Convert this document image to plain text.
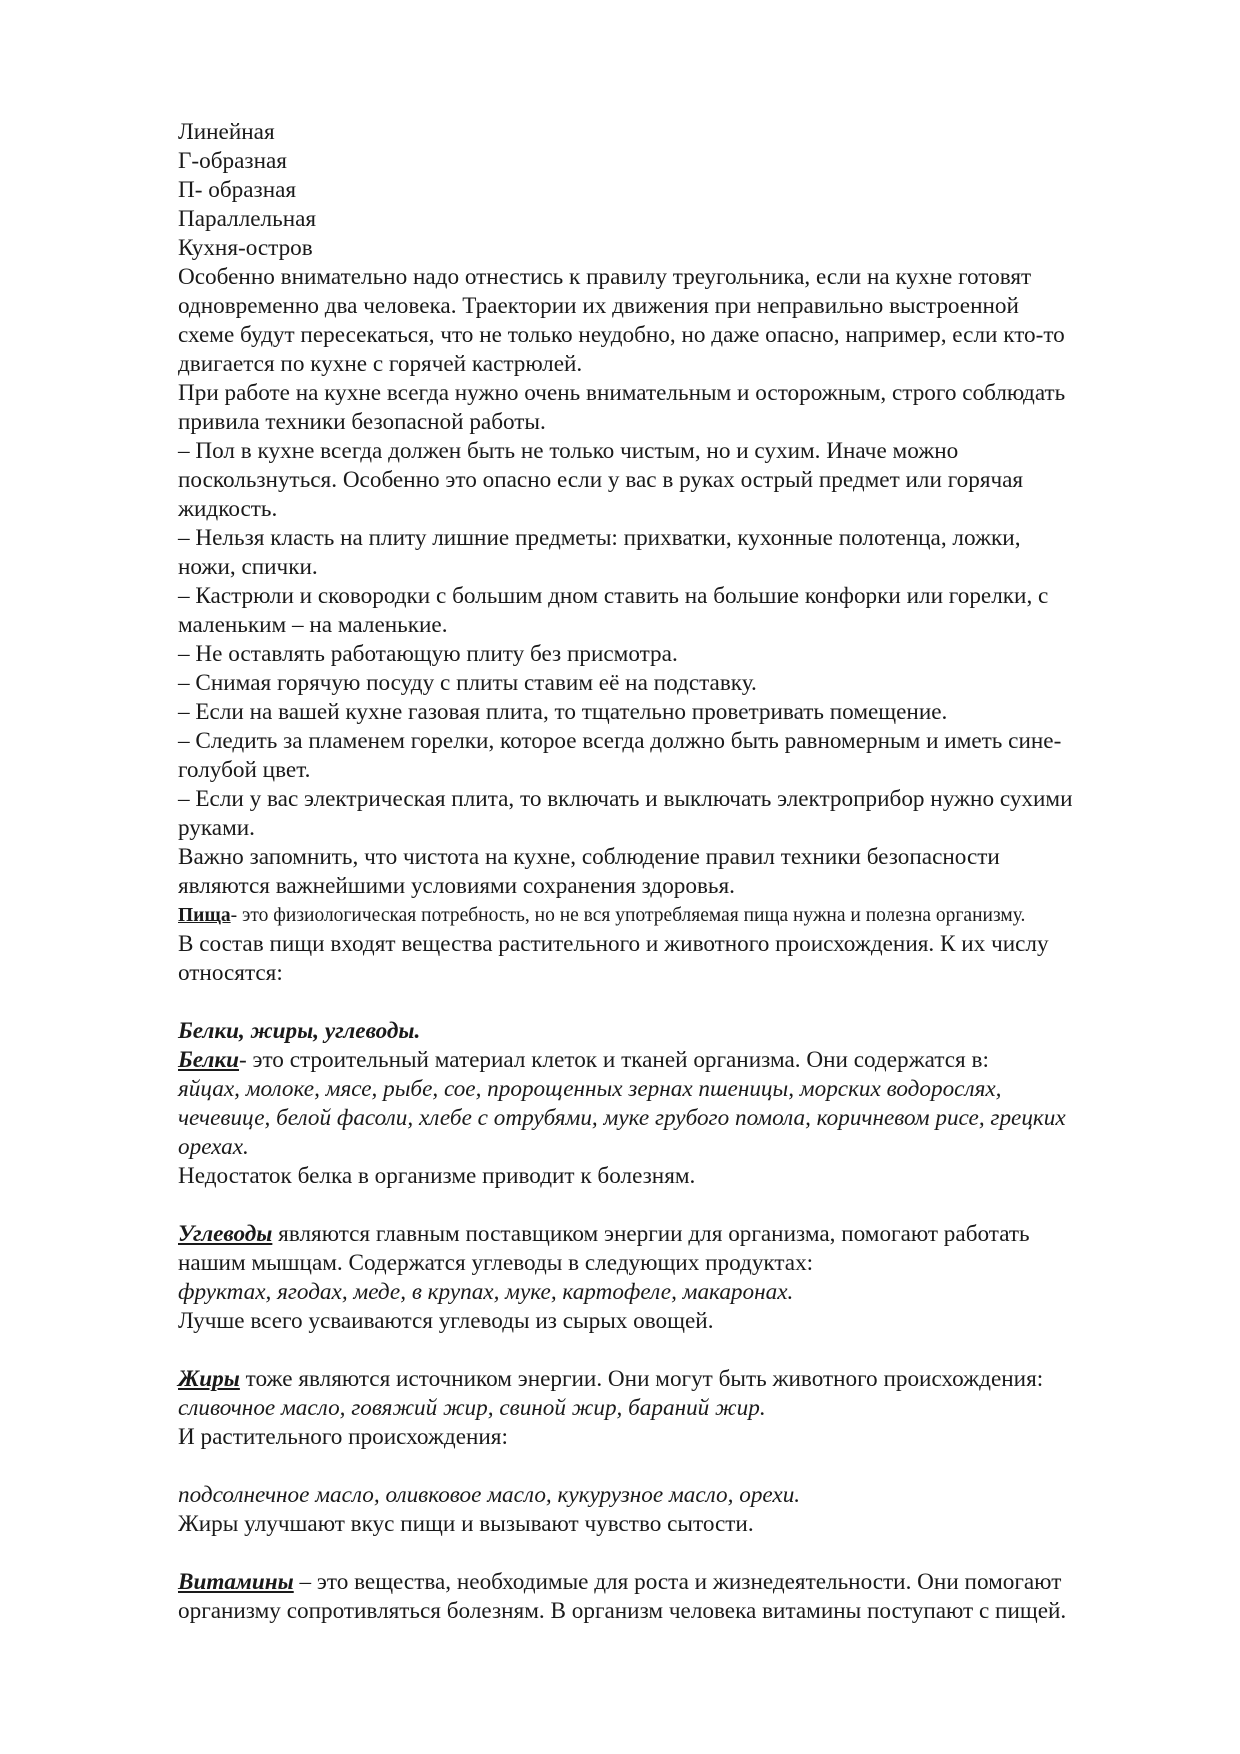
Линейная
Г-образная
П- образная
Параллельная
Кухня-остров
Особенно внимательно надо отнестись к правилу треугольника, если на кухне готовят
одновременно два человека. Траектории их движения при неправильно выстроенной
схеме будут пересекаться, что не только неудобно, но даже опасно, например, если кто-то
двигается по кухне с горячей кастрюлей.
При работе на кухне всегда нужно очень внимательным и осторожным, строго соблюдать
привила техники безопасной работы.
– Пол в кухне всегда должен быть не только чистым, но и сухим. Иначе можно
поскользнуться. Особенно это опасно если у вас в руках острый предмет или горячая
жидкость.
– Нельзя класть на плиту лишние предметы: прихватки, кухонные полотенца, ложки,
ножи, спички.
– Кастрюли и сковородки с большим дном ставить на большие конфорки или горелки, с
маленьким – на маленькие.
– Не оставлять работающую плиту без присмотра.
– Снимая горячую посуду с плиты ставим её на подставку.
– Если на вашей кухне газовая плита, то тщательно проветривать помещение.
– Следить за пламенем горелки, которое всегда должно быть равномерным и иметь сине-
голубой цвет.
– Если у вас электрическая плита, то включать и выключать электроприбор нужно сухими
руками.
Важно запомнить, что чистота на кухне, соблюдение правил техники безопасности
являются важнейшими условиями сохранения здоровья.
Пища- это физиологическая потребность, но не вся употребляемая пища нужна и полезна организму.
В состав пищи входят вещества растительного и животного происхождения. К их числу
относятся:
Белки, жиры, углеводы.
Белки- это строительный материал клеток и тканей организма. Они содержатся в:
яйцах, молоке, мясе, рыбе, сое, пророщенных зернах пшеницы, морских водорослях,
чечевице, белой фасоли, хлебе с отрубями, муке грубого помола, коричневом рисе, грецких
орехах.
Недостаток белка в организме приводит к болезням.
Углеводы являются главным поставщиком энергии для организма, помогают работать
нашим мышцам. Содержатся углеводы в следующих продуктах:
фруктах, ягодах, меде, в крупах, муке, картофеле, макаронах.
Лучше всего усваиваются углеводы из сырых овощей.
Жиры тоже являются источником энергии. Они могут быть животного происхождения:
сливочное масло, говяжий жир, свиной жир, бараний жир.
И растительного происхождения:
подсолнечное масло, оливковое масло, кукурузное масло, орехи.
Жиры улучшают вкус пищи и вызывают чувство сытости.
Витамины – это вещества, необходимые для роста и жизнедеятельности. Они помогают
организму сопротивляться болезням. В организм человека витамины поступают с пищей.
